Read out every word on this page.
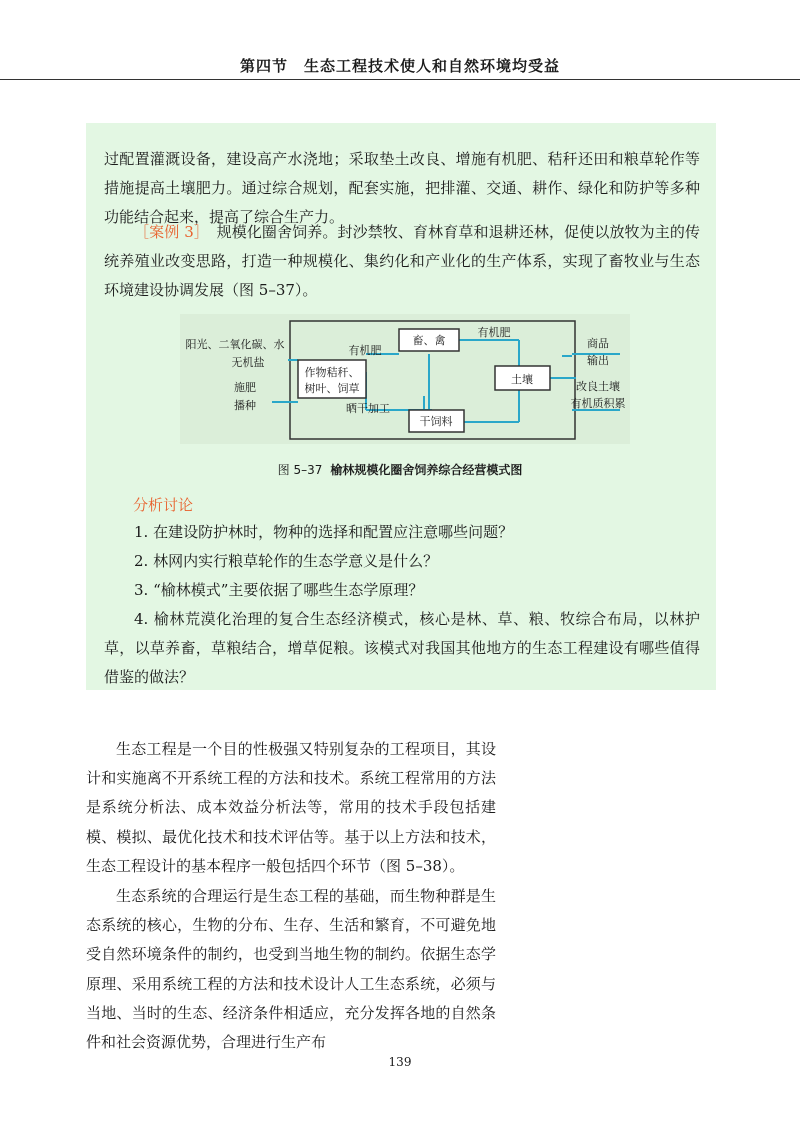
第四节　生态工程技术使人和自然环境均受益

过配置灌溉设备，建设高产水浇地；采取垫土改良、增施有机肥、秸秆还田和粮草轮作等措施提高土壤肥力。通过综合规划，配套实施，把排灌、交通、耕作、绿化和防护等多种功能结合起来，提高了综合生产力。

［案例 3］　规模化圈舍饲养。封沙禁牧、育林育草和退耕还林，促使以放牧为主的传统养殖业改变思路，打造一种规模化、集约化和产业化的生产体系，实现了畜牧业与生态环境建设协调发展（图 5–37）。

阳光、二氧化碳、水
无机盐
施肥
播种
有机肥
畜、禽
有机肥
作物秸秆、
树叶、饲草
土壤
晒干加工
干饲料
商品
输出
改良土壤
有机质积累
图 5–37 榆林规模化圈舍饲养综合经营模式图

分析讨论

1. 在建设防护林时，物种的选择和配置应注意哪些问题？

2. 林网内实行粮草轮作的生态学意义是什么？

3. “榆林模式”主要依据了哪些生态学原理？

4. 榆林荒漠化治理的复合生态经济模式，核心是林、草、粮、牧综合布局，以林护草，以草养畜，草粮结合，增草促粮。该模式对我国其他地方的生态工程建设有哪些值得借鉴的做法？

生态工程是一个目的性极强又特别复杂的工程项目，其设计和实施离不开系统工程的方法和技术。系统工程常用的方法是系统分析法、成本效益分析法等，常用的技术手段包括建模、模拟、最优化技术和技术评估等。基于以上方法和技术，生态工程设计的基本程序一般包括四个环节（图 5–38）。

生态系统的合理运行是生态工程的基础，而生物种群是生态系统的核心，生物的分布、生存、生活和繁育，不可避免地受自然环境条件的制约，也受到当地生物的制约。依据生态学原理、采用系统工程的方法和技术设计人工生态系统，必须与当地、当时的生态、经济条件相适应，充分发挥各地的自然条件和社会资源优势，合理进行生产布

139
